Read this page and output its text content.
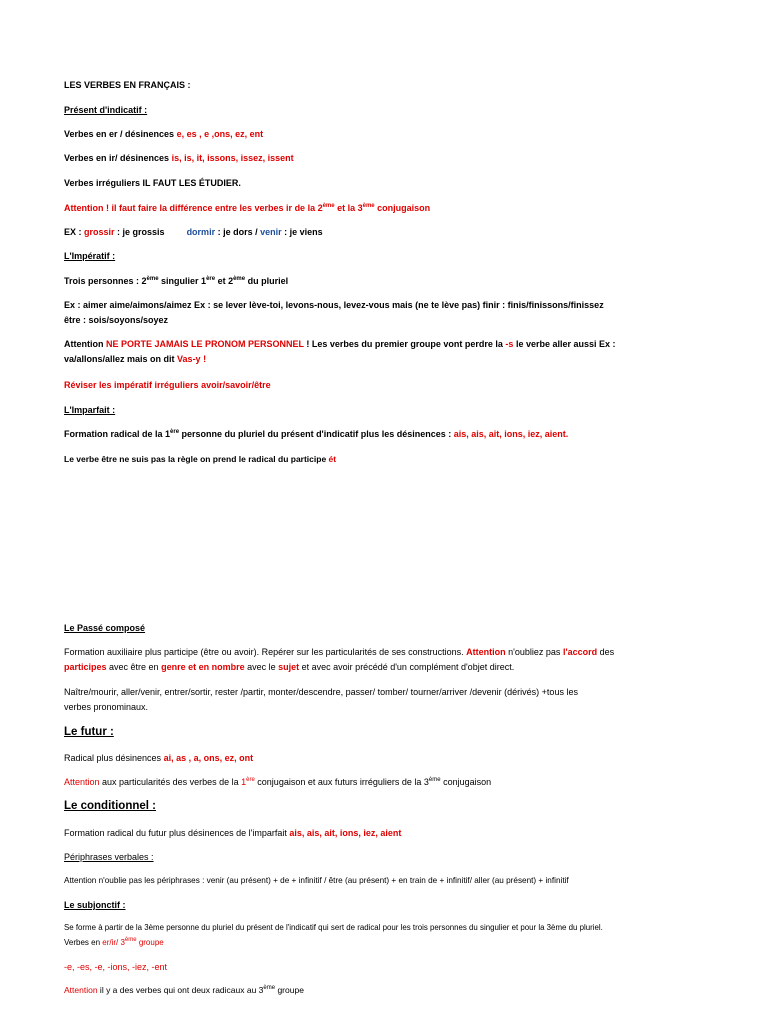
LES VERBES EN FRANÇAIS :
Présent d'indicatif :
Verbes en er / désinences e, es , e ,ons, ez, ent
Verbes en ir/ désinences is, is, it, issons, issez, issent
Verbes irréguliers IL FAUT LES ÉTUDIER.
Attention ! il faut faire la différence entre les verbes ir de la 2ème et la 3ème conjugaison
EX : grossir : je grossis dormir : je dors / venir : je viens
L'Impératif :
Trois personnes : 2ème singulier 1ère et 2ème du pluriel
Ex : aimer aime/aimons/aimez Ex : se lever lève-toi, levons-nous, levez-vous mais (ne te lève pas) finir : finis/finissons/finissez
être : sois/soyons/soyez
Attention NE PORTE JAMAIS LE PRONOM PERSONNEL ! Les verbes du premier groupe vont perdre la -s le verbe aller aussi Ex :
va/allons/allez mais on dit Vas-y !
Réviser les impératif irréguliers avoir/savoir/être
L'Imparfait :
Formation radical de la 1ère personne du pluriel du présent d'indicatif plus les désinences : ais, ais, ait, ions, iez, aient.
Le verbe être ne suis pas la règle on prend le radical du participe ét
Le Passé composé
Formation auxiliaire plus participe (être ou avoir). Repérer sur les particularités de ses constructions. Attention n'oubliez pas l'accord des
participes avec être en genre et en nombre avec le sujet et avec avoir précédé d'un complément d'objet direct.
Naître/mourir, aller/venir, entrer/sortir, rester /partir, monter/descendre, passer/ tomber/ tourner/arriver /devenir (dérivés) +tous les
verbes pronominaux.
Le futur :
Radical plus désinences ai, as , a, ons, ez, ont
Attention aux particularités des verbes de la 1ère conjugaison et aux futurs irréguliers de la 3ème conjugaison
Le conditionnel :
Formation radical du futur plus désinences de l'imparfait ais, ais, ait, ions, iez, aient
Périphrases verbales :
Attention n'oublie pas les périphrases : venir (au présent) + de + infinitif / être (au présent) + en train de + infinitif/ aller (au présent) + infinitif
Le subjonctif :
Se forme à partir de la 3ème personne du pluriel du présent de l'indicatif qui sert de radical pour les trois personnes du singulier et pour la 3ème du pluriel.
Verbes en er/ir/ 3ème groupe
-e, -es, -e, -ions, -iez, -ent
Attention il y a des verbes qui ont deux radicaux au 3ème groupe
